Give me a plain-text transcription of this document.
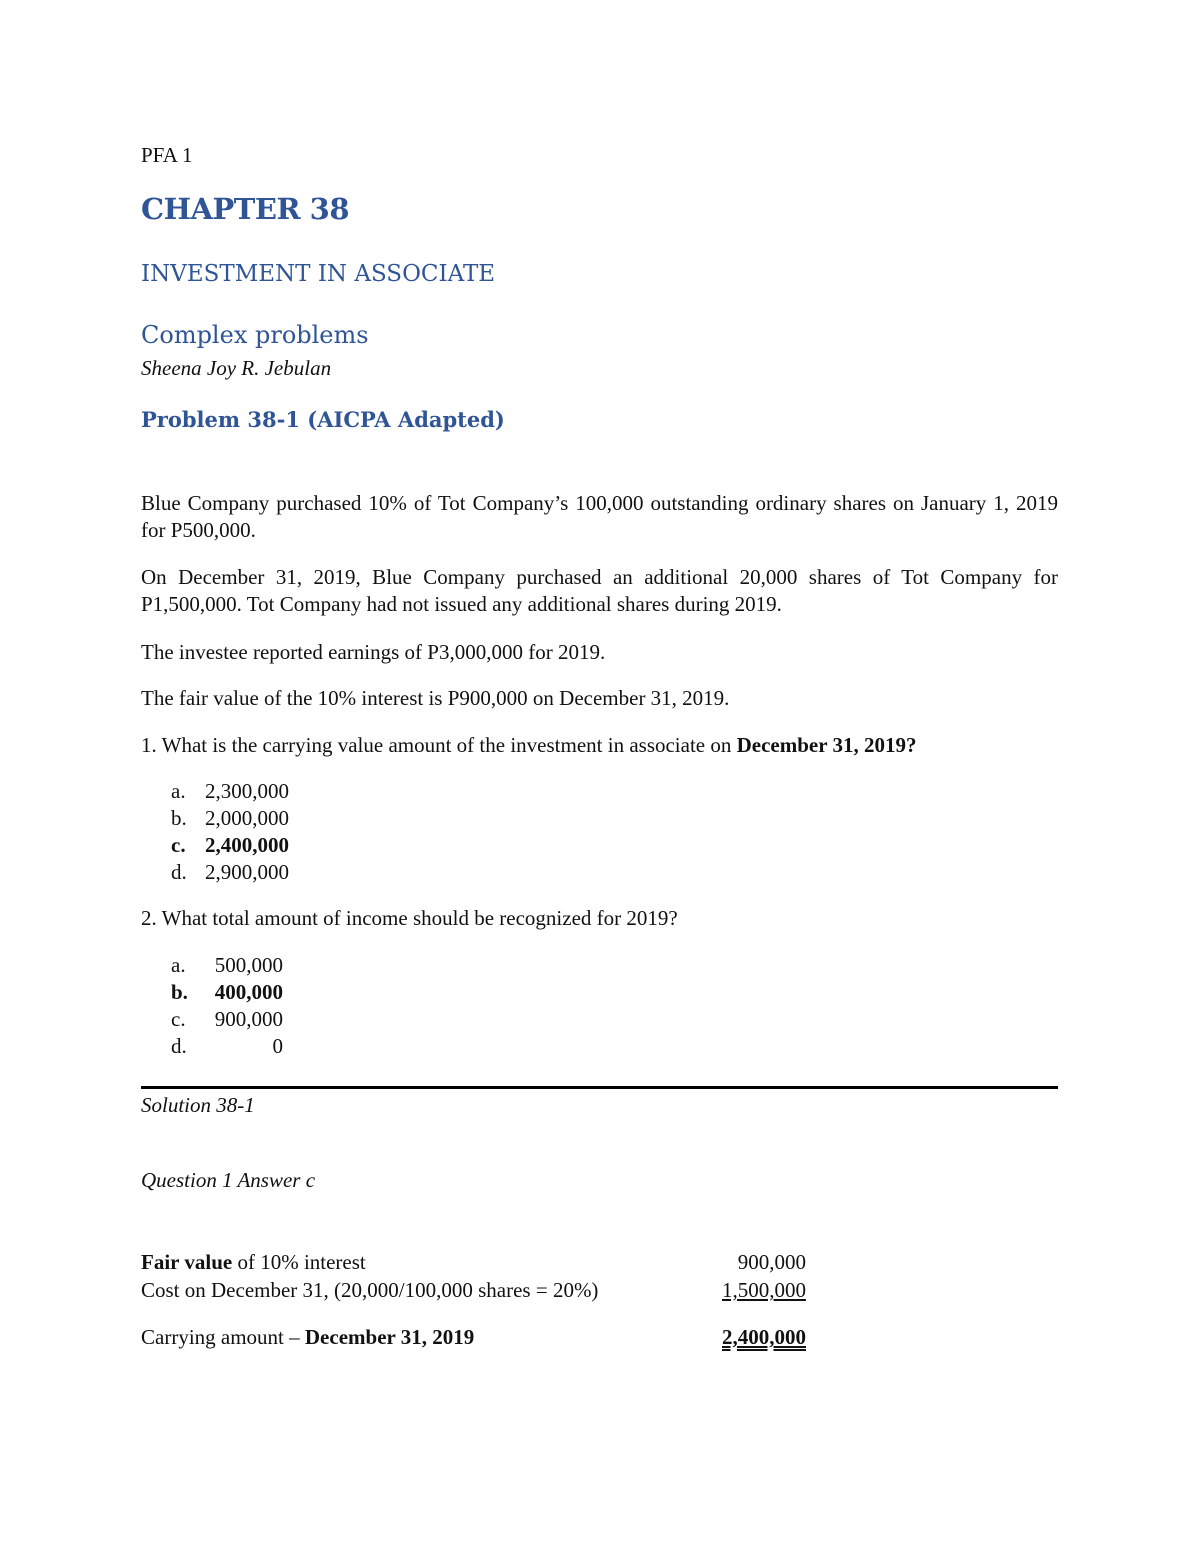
PFA 1
CHAPTER 38
INVESTMENT IN ASSOCIATE
Complex problems
Sheena Joy R. Jebulan
Problem 38-1 (AICPA Adapted)
Blue Company purchased 10% of Tot Company’s 100,000 outstanding ordinary shares on January 1, 2019 for P500,000.
On December 31, 2019, Blue Company purchased an additional 20,000 shares of Tot Company for P1,500,000. Tot Company had not issued any additional shares during 2019.
The investee reported earnings of P3,000,000 for 2019.
The fair value of the 10% interest is P900,000 on December 31, 2019.
1. What is the carrying value amount of the investment in associate on December 31, 2019?
a. 2,300,000
b. 2,000,000
c. 2,400,000
d. 2,900,000
2. What total amount of income should be recognized for 2019?
a.	500,000
b.	400,000
c.	900,000
d.	0
Solution 38-1
Question 1 Answer c
Fair value of 10% interest	900,000
Cost on December 31, (20,000/100,000 shares = 20%)	1,500,000
Carrying amount – December 31, 2019	2,400,000
